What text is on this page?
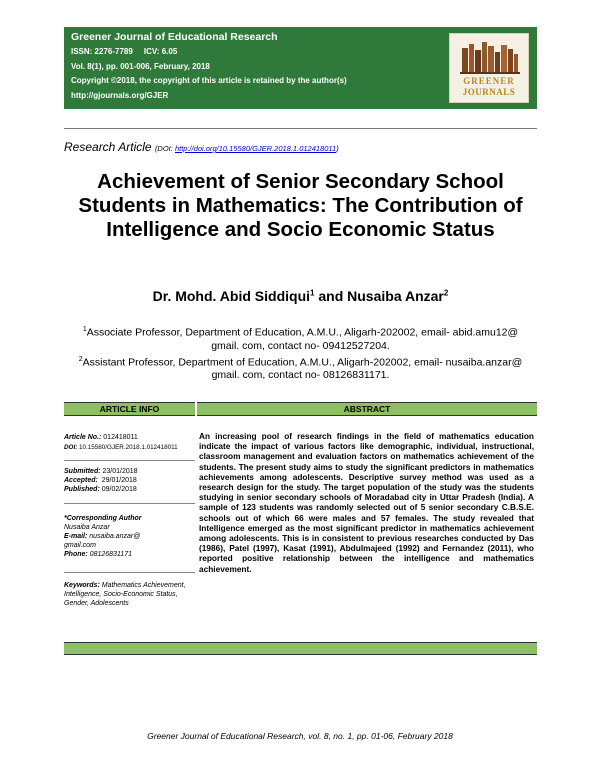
Greener Journal of Educational Research
ISSN: 2276-7789     ICV: 6.05
Vol. 8(1), pp. 001-006, February, 2018
Copyright ©2018, the copyright of this article is retained by the author(s)
http://gjournals.org/GJER
GREENER
JOURNALS
Research Article (DOI: http://doi.org/10.15580/GJER.2018.1.012418011)
Achievement of Senior Secondary School Students in Mathematics: The Contribution of Intelligence and Socio Economic Status
Dr. Mohd. Abid Siddiqui$^1$ and Nusaiba Anzar$^2$
$^1$Associate Professor, Department of Education, A.M.U., Aligarh-202002, email- abid.amu12@ gmail. com, contact no- 09412527204.
$^2$Assistant Professor, Department of Education, A.M.U., Aligarh-202002, email- nusaiba.anzar@ gmail. com, contact no- 08126831171.
ARTICLE INFO	ABSTRACT
Article No.: 012418011
DOI: 10.15580/GJER.2018.1.012418011
Submitted: 23/01/2018
Accepted:  29/01/2018
Published: 09/02/2018
*Corresponding Author
Nusaiba Anzar
E-mail: nusaiba.anzar@
gmail.com
Phone: 08126831171
Keywords: Mathematics Achievement, Intelligence, Socio-Economic Status, Gender, Adolescents
An increasing pool of research findings in the field of mathematics education indicate the impact of various factors like demographic, individual, instructional, classroom management and evaluation factors on mathematics achievement of the students. The present study aims to study the significant predictors in mathematics achievements among adolescents. Descriptive survey method was used as a research design for the study. The target population of the study was the students studying in senior secondary schools of Moradabad city in Uttar Pradesh (India). A sample of 123 students was randomly selected out of 5 senior secondary C.B.S.E. schools out of which 66 were males and 57 females. The study revealed that Intelligence emerged as the most significant predictor in mathematics achievement among adolescents. This is in consistent to previous researches conducted by Das (1986), Patel (1997), Kasat (1991), Abdulmajeed (1992) and Fernandez (2011), who reported positive relationship between the intelligence and mathematics achievement.
Greener Journal of Educational Research, vol. 8, no. 1, pp. 01-06, February 2018
